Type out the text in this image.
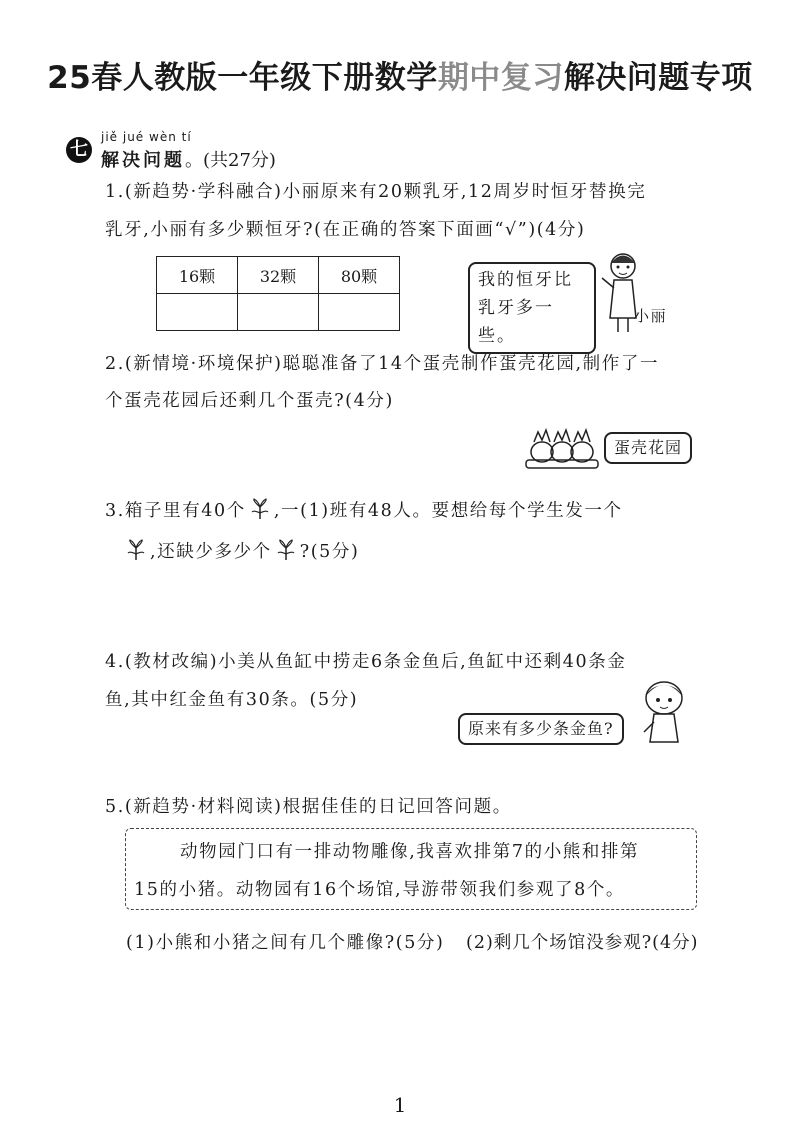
25春人教版一年级下册数学期中复习解决问题专项
七
jiě jué wèn tí
解决问题。(共27分)
1.(新趋势·学科融合)小丽原来有20颗乳牙,12周岁时恒牙替换完
乳牙,小丽有多少颗恒牙?(在正确的答案下面画“√”)(4分)
16颗	32颗	80颗
			我的恒牙比
乳牙多一些。
小丽
2.(新情境·环境保护)聪聪准备了14个蛋壳制作蛋壳花园,制作了一
个蛋壳花园后还剩几个蛋壳?(4分)
蛋壳花园
3.箱子里有40个 ,一(1)班有48人。要想给每个学生发一个
,还缺少多少个 ?(5分)
4.(教材改编)小美从鱼缸中捞走6条金鱼后,鱼缸中还剩40条金
鱼,其中红金鱼有30条。(5分)
原来有多少条金鱼?
5.(新趋势·材料阅读)根据佳佳的日记回答问题。
动物园门口有一排动物雕像,我喜欢排第7的小熊和排第
15的小猪。动物园有16个场馆,导游带领我们参观了8个。
(1)小熊和小猪之间有几个雕像?(5分) (2)剩几个场馆没参观?(4分)
1
